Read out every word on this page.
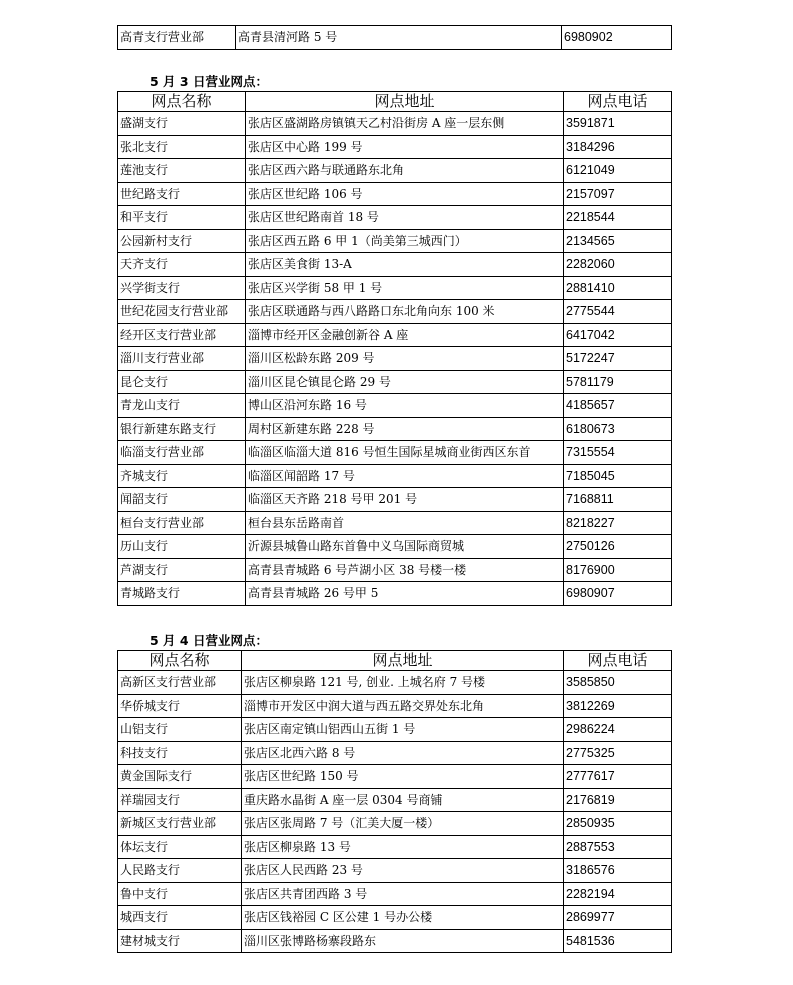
高青支行营业部	高青县清河路 5 号	6980902
5 月 3 日营业网点：
网点名称	网点地址	网点电话
盛湖支行	张店区盛湖路房镇镇天乙村沿街房 A 座一层东侧	3591871
张北支行	张店区中心路 199 号	3184296
莲池支行	张店区西六路与联通路东北角	6121049
世纪路支行	张店区世纪路 106 号	2157097
和平支行	张店区世纪路南首 18 号	2218544
公园新村支行	张店区西五路 6 甲 1（尚美第三城西门）	2134565
天齐支行	张店区美食街 13-A	2282060
兴学街支行	张店区兴学街 58 甲 1 号	2881410
世纪花园支行营业部	张店区联通路与西八路路口东北角向东 100 米	2775544
经开区支行营业部	淄博市经开区金融创新谷 A 座	6417042
淄川支行营业部	淄川区松龄东路 209 号	5172247
昆仑支行	淄川区昆仑镇昆仑路 29 号	5781179
青龙山支行	博山区沿河东路 16 号	4185657
银行新建东路支行	周村区新建东路 228 号	6180673
临淄支行营业部	临淄区临淄大道 816 号恒生国际星城商业街西区东首	7315554
齐城支行	临淄区闻韶路 17 号	7185045
闻韶支行	临淄区天齐路 218 号甲 201 号	7168811
桓台支行营业部	桓台县东岳路南首	8218227
历山支行	沂源县城鲁山路东首鲁中义乌国际商贸城	2750126
芦湖支行	高青县青城路 6 号芦湖小区 38 号楼一楼	8176900
青城路支行	高青县青城路 26 号甲 5	6980907
5 月 4 日营业网点：
网点名称	网点地址	网点电话
高新区支行营业部	张店区柳泉路 121 号, 创业. 上城名府 7 号楼	3585850
华侨城支行	淄博市开发区中润大道与西五路交界处东北角	3812269
山铝支行	张店区南定镇山铝西山五街 1 号	2986224
科技支行	张店区北西六路 8 号	2775325
黄金国际支行	张店区世纪路 150 号	2777617
祥瑞园支行	重庆路水晶街 A 座一层 0304 号商铺	2176819
新城区支行营业部	张店区张周路 7 号（汇美大厦一楼）	2850935
体坛支行	张店区柳泉路 13 号	2887553
人民路支行	张店区人民西路 23 号	3186576
鲁中支行	张店区共青团西路 3 号	2282194
城西支行	张店区钱裕园 C 区公建 1 号办公楼	2869977
建材城支行	淄川区张博路杨寨段路东	5481536
